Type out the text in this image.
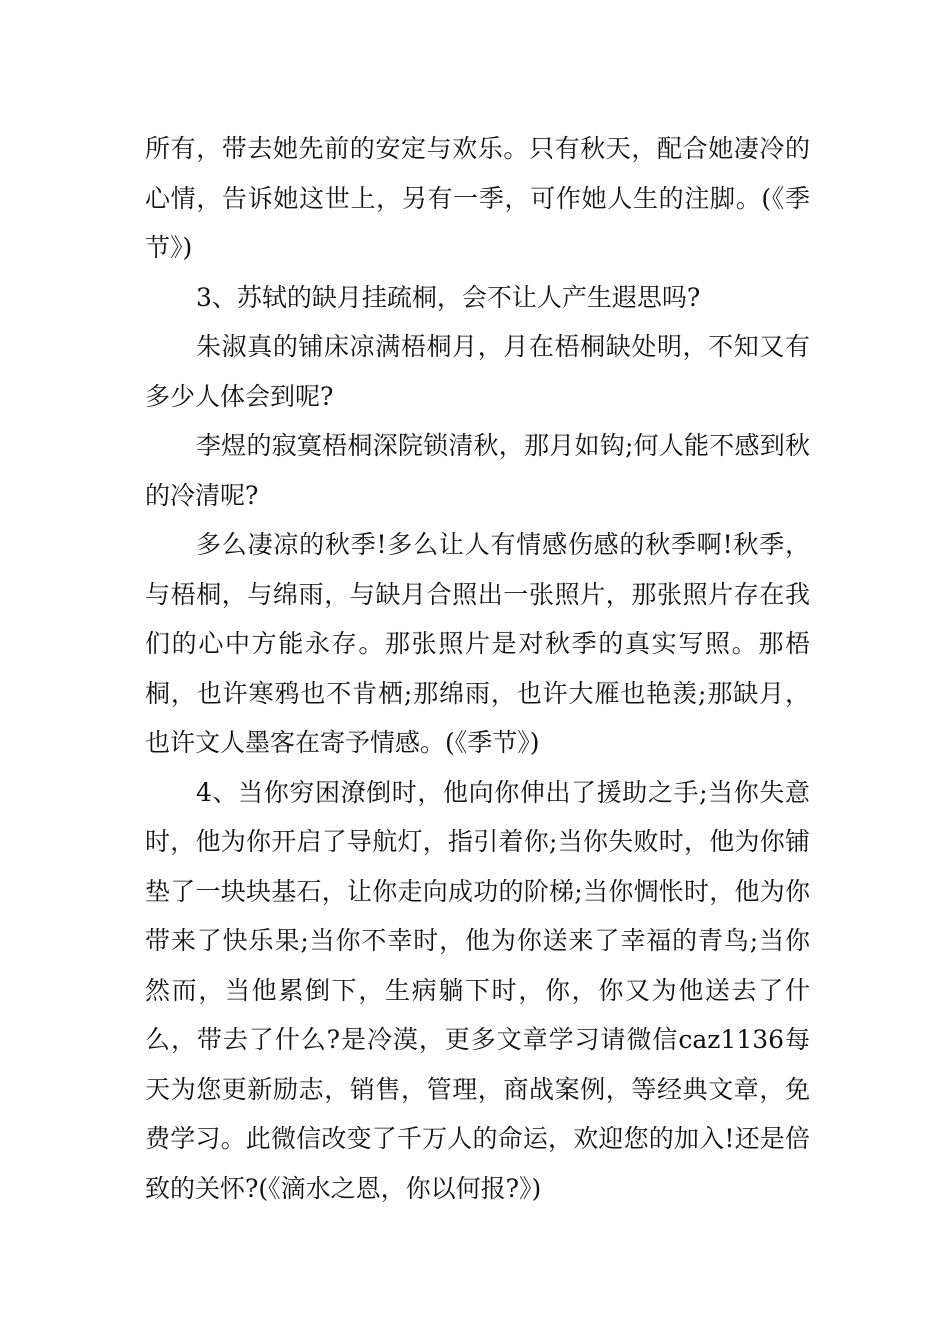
所有，带去她先前的安定与欢乐。只有秋天，配合她凄冷的心情，告诉她这世上，另有一季，可作她人生的注脚。(《季节》)

3、苏轼的缺月挂疏桐，会不让人产生遐思吗?

朱淑真的铺床凉满梧桐月，月在梧桐缺处明，不知又有多少人体会到呢?

李煜的寂寞梧桐深院锁清秋，那月如钩;何人能不感到秋的冷清呢?

多么凄凉的秋季!多么让人有情感伤感的秋季啊!秋季，与梧桐，与绵雨，与缺月合照出一张照片，那张照片存在我们的心中方能永存。那张照片是对秋季的真实写照。那梧桐，也许寒鸦也不肯栖;那绵雨，也许大雁也艳羡;那缺月，也许文人墨客在寄予情感。(《季节》)

4、当你穷困潦倒时，他向你伸出了援助之手;当你失意时，他为你开启了导航灯，指引着你;当你失败时，他为你铺垫了一块块基石，让你走向成功的阶梯;当你惆怅时，他为你带来了快乐果;当你不幸时，他为你送来了幸福的青鸟;当你然而，当他累倒下，生病躺下时，你，你又为他送去了什么，带去了什么?是冷漠，更多文章学习请微信caz1136每天为您更新励志，销售，管理，商战案例，等经典文章，免费学习。此微信改变了千万人的命运，欢迎您的加入!还是倍致的关怀?(《滴水之恩，你以何报?》)
